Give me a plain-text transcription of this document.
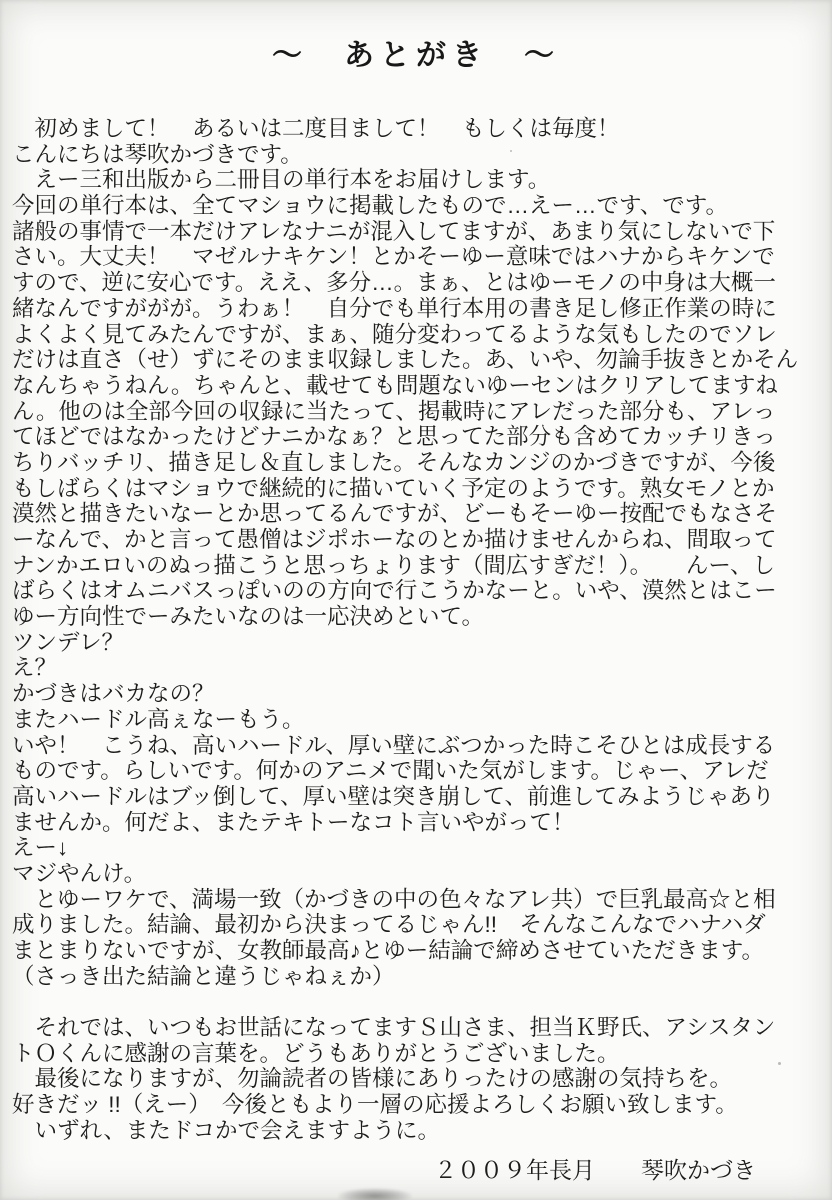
～　あとがき　～
　初めまして！　あるいは二度目まして！　もしくは毎度！
こんにちは琴吹かづきです。
　えー三和出版から二冊目の単行本をお届けします。
今回の単行本は、全てマショウに掲載したもので…えー…です、です。
諸般の事情で一本だけアレなナニが混入してますが、あまり気にしないで下
さい。大丈夫！　マゼルナキケン！とかそーゆー意味ではハナからキケンで
すので、逆に安心です。ええ、多分…。まぁ、とはゆーモノの中身は大概一
緒なんですががが。うわぁ！　自分でも単行本用の書き足し修正作業の時に
よくよく見てみたんですが、まぁ、随分変わってるような気もしたのでソレ
だけは直さ（せ）ずにそのまま収録しました。あ、いや、勿論手抜きとかそん
なんちゃうねん。ちゃんと、載せても問題ないゆーセンはクリアしてますね
ん。他のは全部今回の収録に当たって、掲載時にアレだった部分も、アレっ
てほどではなかったけどナニかなぁ？と思ってた部分も含めてカッチリきっ
ちりバッチリ、描き足し＆直しました。そんなカンジのかづきですが、今後
もしばらくはマショウで継続的に描いていく予定のようです。熟女モノとか
漠然と描きたいなーとか思ってるんですが、どーもそーゆー按配でもなさそ
ーなんで、かと言って愚僧はジポホーなのとか描けませんからね、間取って
ナンかエロいのぬっ描こうと思っちょります（間広すぎだ！）。　　んー、し
ばらくはオムニバスっぽいのの方向で行こうかなーと。いや、漠然とはこー
ゆー方向性でーみたいなのは一応決めといて。
ツンデレ？
え？
かづきはバカなの？
またハードル高ぇなーもう。
いや！　こうね、高いハードル、厚い壁にぶつかった時こそひとは成長する
ものです。らしいです。何かのアニメで聞いた気がします。じゃー、アレだ
高いハードルはブッ倒して、厚い壁は突き崩して、前進してみようじゃあり
ませんか。何だよ、またテキトーなコト言いやがって！
えー↓
マジやんけ。
　とゆーワケで、満場一致（かづきの中の色々なアレ共）で巨乳最高☆と相
成りました。結論、最初から決まってるじゃん!!　そんなこんなでハナハダ
まとまりないですが、女教師最高♪とゆー結論で締めさせていただきます。
（さっき出た結論と違うじゃねぇか）
　それでは、いつもお世話になってますＳ山さま、担当Ｋ野氏、アシスタン
トＯくんに感謝の言葉を。どうもありがとうございました。
　最後になりますが、勿論読者の皆様にありったけの感謝の気持ちを。
好きだッ !!（えー）　今後ともより一層の応援よろしくお願い致します。
　いずれ、またドコかで会えますように。
２００９年長月　　琴吹かづき
